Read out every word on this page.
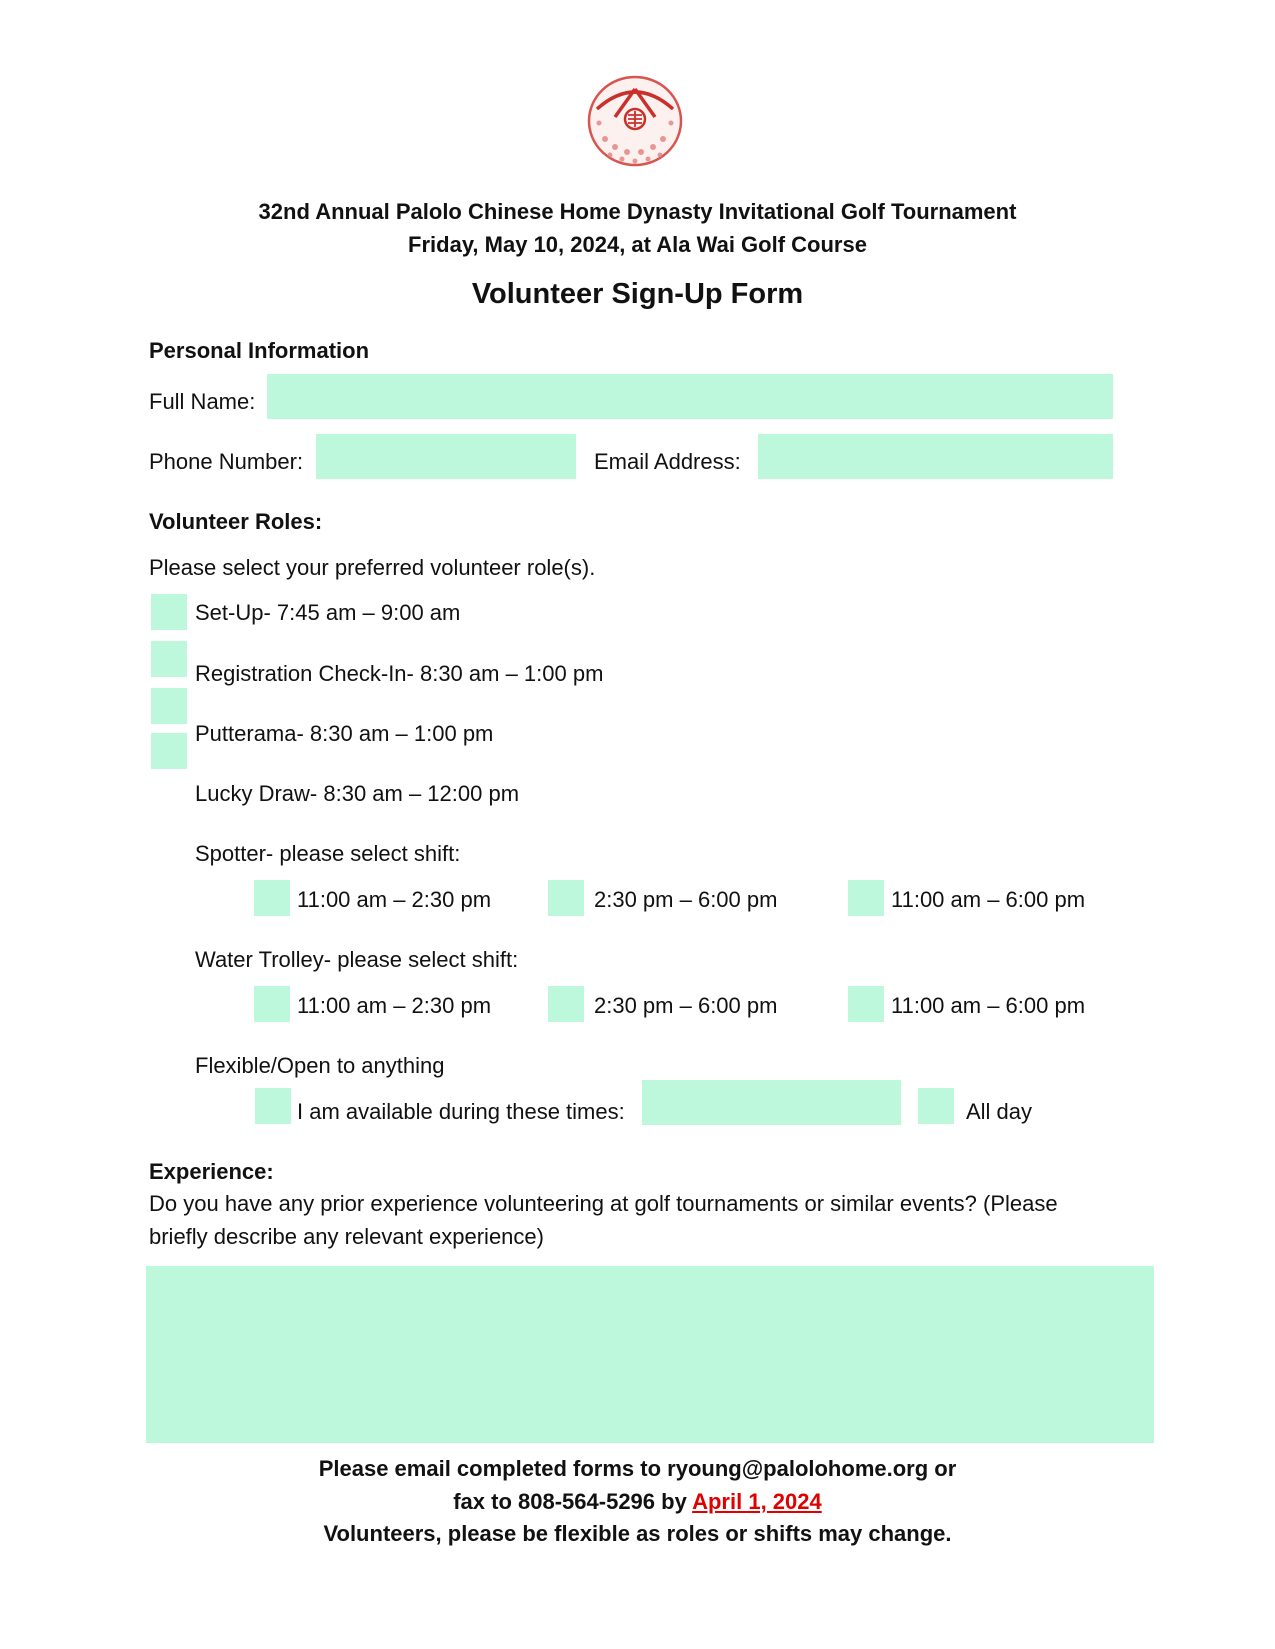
32nd Annual Palolo Chinese Home Dynasty Invitational Golf Tournament
Friday, May 10, 2024, at Ala Wai Golf Course
Volunteer Sign-Up Form
Personal Information
Full Name:
Phone Number:	Email Address:
Volunteer Roles:
Please select your preferred volunteer role(s).
Set-Up- 7:45 am – 9:00 am
Registration Check-In- 8:30 am – 1:00 pm
Putterama- 8:30 am – 1:00 pm
Lucky Draw- 8:30 am – 12:00 pm
Spotter- please select shift:
11:00 am – 2:30 pm	2:30 pm – 6:00 pm	11:00 am – 6:00 pm
Water Trolley- please select shift:
11:00 am – 2:30 pm	2:30 pm – 6:00 pm	11:00 am – 6:00 pm
Flexible/Open to anything
I am available during these times:	All day
Experience:
Do you have any prior experience volunteering at golf tournaments or similar events? (Please
briefly describe any relevant experience)
Please email completed forms to ryoung@palolohome.org or
fax to 808-564-5296 by April 1, 2024
Volunteers, please be flexible as roles or shifts may change.
